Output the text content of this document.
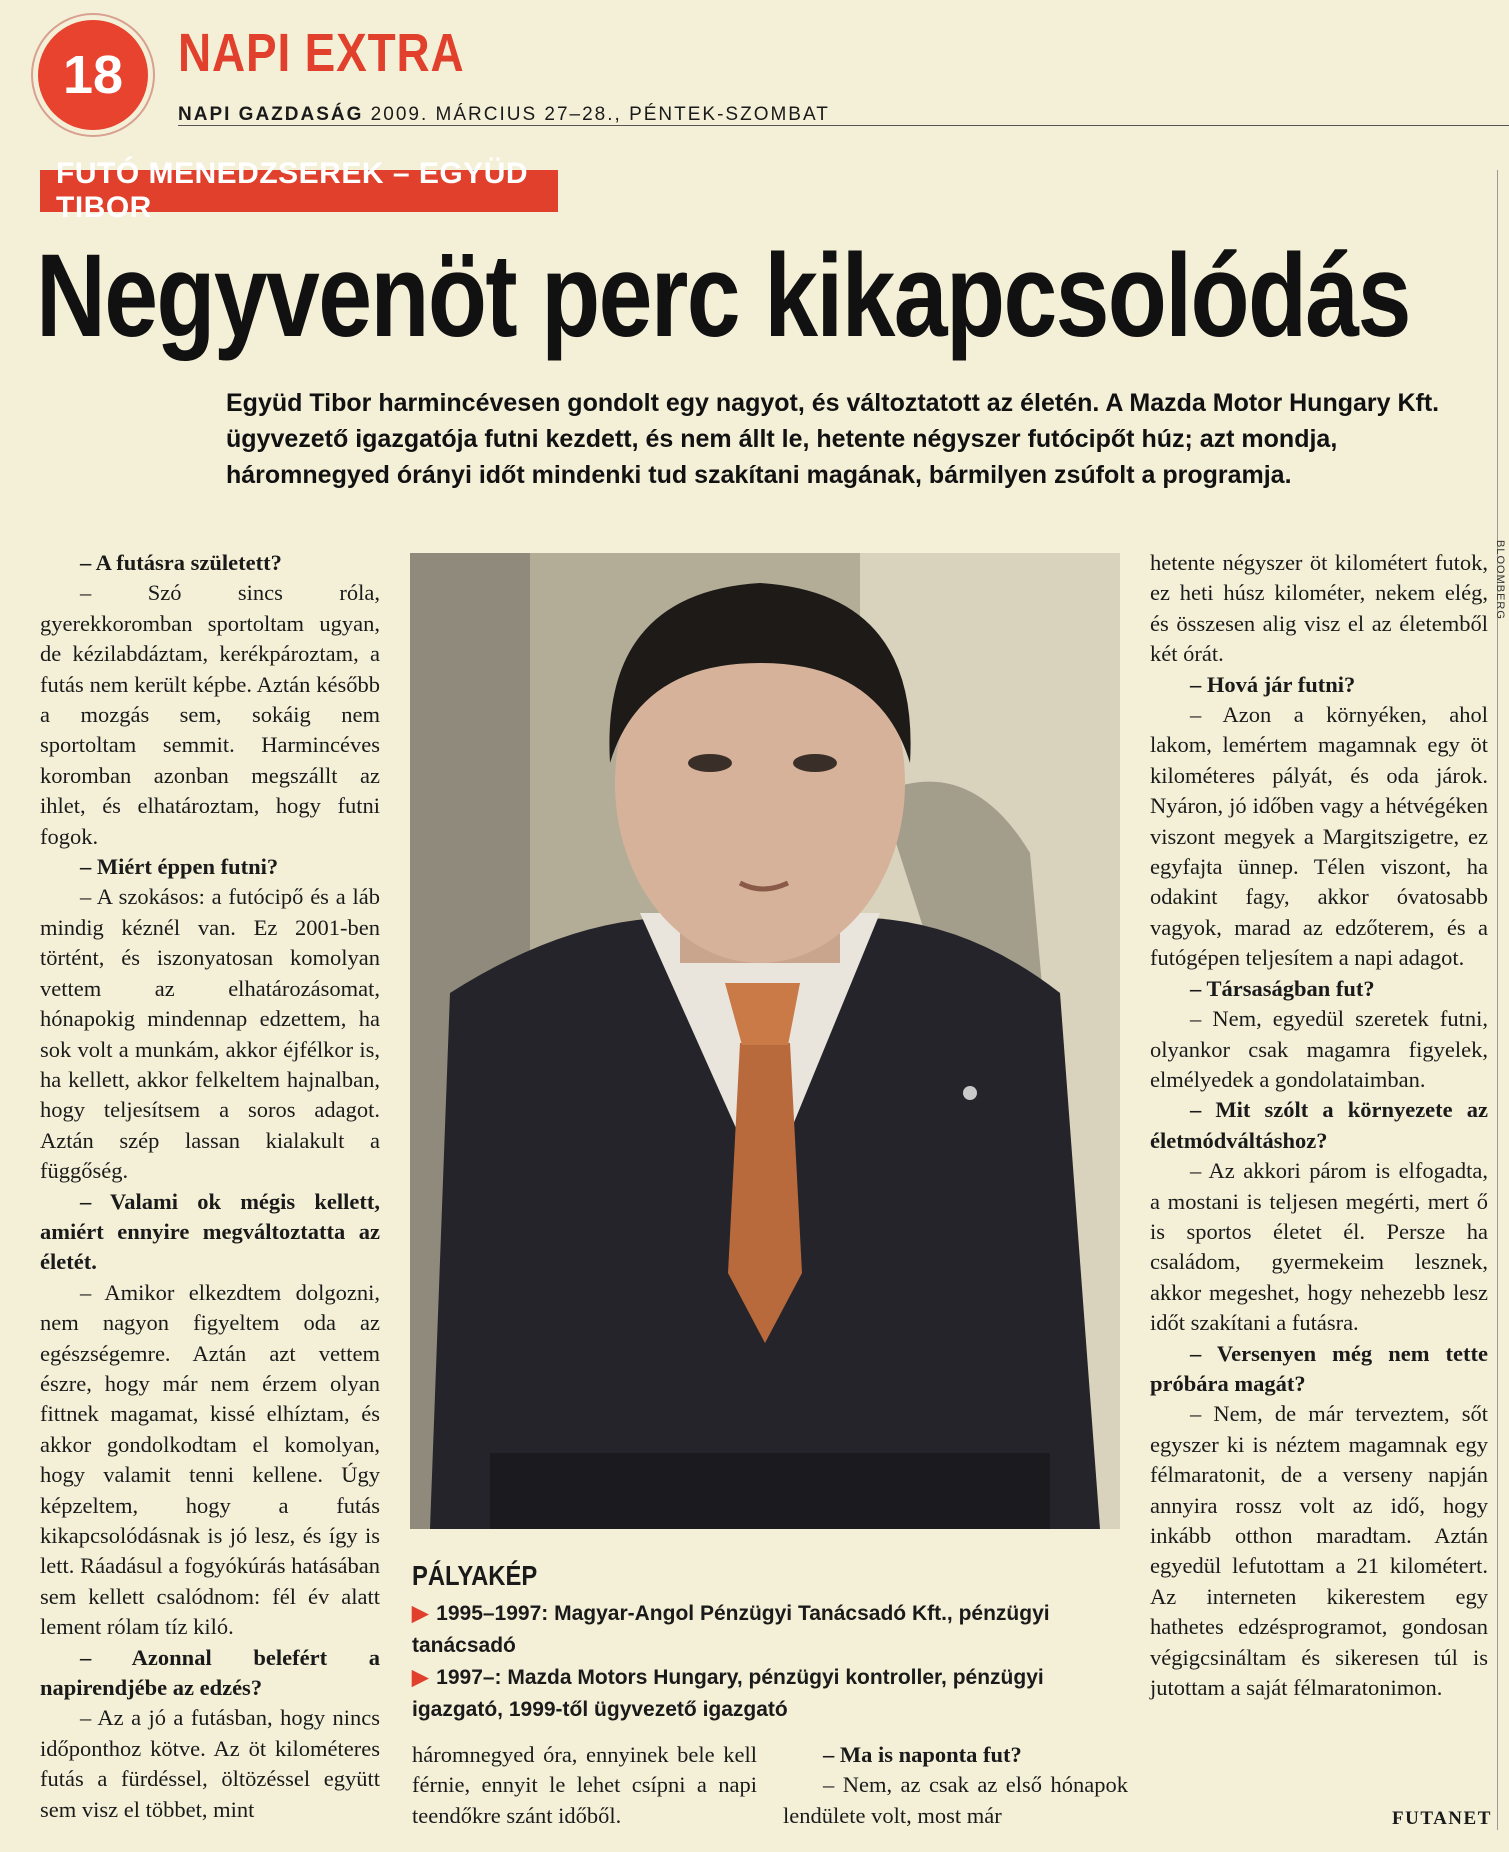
18	NAPI EXTRA
NAPI GAZDASÁG 2009. MÁRCIUS 27–28., PÉNTEK-SZOMBAT
FUTÓ MENEDZSEREK – EGYÜD TIBOR
Negyvenöt perc kikapcsolódás
Együd Tibor harmincévesen gondolt egy nagyot, és változtatott az életén. A Mazda Motor Hungary Kft. ügyvezető igazgatója futni kezdett, és nem állt le, hetente négyszer futócipőt húz; azt mondja, háromnegyed órányi időt mindenki tud szakítani magának, bármilyen zsúfolt a programja.

– A futásra született?

– Szó sincs róla, gyerekkoromban sportoltam ugyan, de kézilabdáztam, kerékpároztam, a futás nem került képbe. Aztán később a mozgás sem, sokáig nem sportoltam semmit. Harmincéves koromban azonban megszállt az ihlet, és elhatároztam, hogy futni fogok.

– Miért éppen futni?

– A szokásos: a futócipő és a láb mindig kéznél van. Ez 2001-ben történt, és iszonyatosan komolyan vettem az elhatározásomat, hónapokig mindennap edzettem, ha sok volt a munkám, akkor éjfélkor is, ha kellett, akkor felkeltem hajnalban, hogy teljesítsem a soros adagot. Aztán szép lassan kialakult a függőség.

– Valami ok mégis kellett, amiért ennyire megváltoztatta az életét.

– Amikor elkezdtem dolgozni, nem nagyon figyeltem oda az egészségemre. Aztán azt vettem észre, hogy már nem érzem olyan fittnek magamat, kissé elhíztam, és akkor gondolkodtam el komolyan, hogy valamit tenni kellene. Úgy képzeltem, hogy a futás kikapcsolódásnak is jó lesz, és így is lett. Ráadásul a fogyókúrás hatásában sem kellett csalódnom: fél év alatt lement rólam tíz kiló.

– Azonnal belefért a napirendjébe az edzés?

– Az a jó a futásban, hogy nincs időponthoz kötve. Az öt kilométeres futás a fürdéssel, öltözéssel együtt sem visz el többet, mint

BLOOMBERG
PÁLYAKÉP

▶ 1995–1997: Magyar-Angol Pénzügyi Tanácsadó Kft., pénzügyi tanácsadó

▶ 1997–: Mazda Motors Hungary, pénzügyi kontroller, pénzügyi igazgató, 1999-től ügyvezető igazgató

háromnegyed óra, ennyinek bele kell férnie, ennyit le lehet csípni a napi teendőkre szánt időből.

– Ma is naponta fut?

– Nem, az csak az első hónapok lendülete volt, most már

hetente négyszer öt kilométert futok, ez heti húsz kilométer, nekem elég, és összesen alig visz el az életemből két órát.

– Hová jár futni?

– Azon a környéken, ahol lakom, lemértem magamnak egy öt kilométeres pályát, és oda járok. Nyáron, jó időben vagy a hétvégéken viszont megyek a Margitszigetre, ez egyfajta ünnep. Télen viszont, ha odakint fagy, akkor óvatosabb vagyok, marad az edzőterem, és a futógépen teljesítem a napi adagot.

– Társaságban fut?

– Nem, egyedül szeretek futni, olyankor csak magamra figyelek, elmélyedek a gondolataimban.

– Mit szólt a környezete az életmódváltáshoz?

– Az akkori párom is elfogadta, a mostani is teljesen megérti, mert ő is sportos életet él. Persze ha családom, gyermekeim lesznek, akkor megeshet, hogy nehezebb lesz időt szakítani a futásra.

– Versenyen még nem tette próbára magát?

– Nem, de már terveztem, sőt egyszer ki is néztem magamnak egy félmaratonit, de a verseny napján annyira rossz volt az idő, hogy inkább otthon maradtam. Aztán egyedül lefutottam a 21 kilométert. Az interneten kikerestem egy hathetes edzésprogramot, gondosan végigcsináltam és sikeresen túl is jutottam a saját félmaratonimon.

FUTANET
